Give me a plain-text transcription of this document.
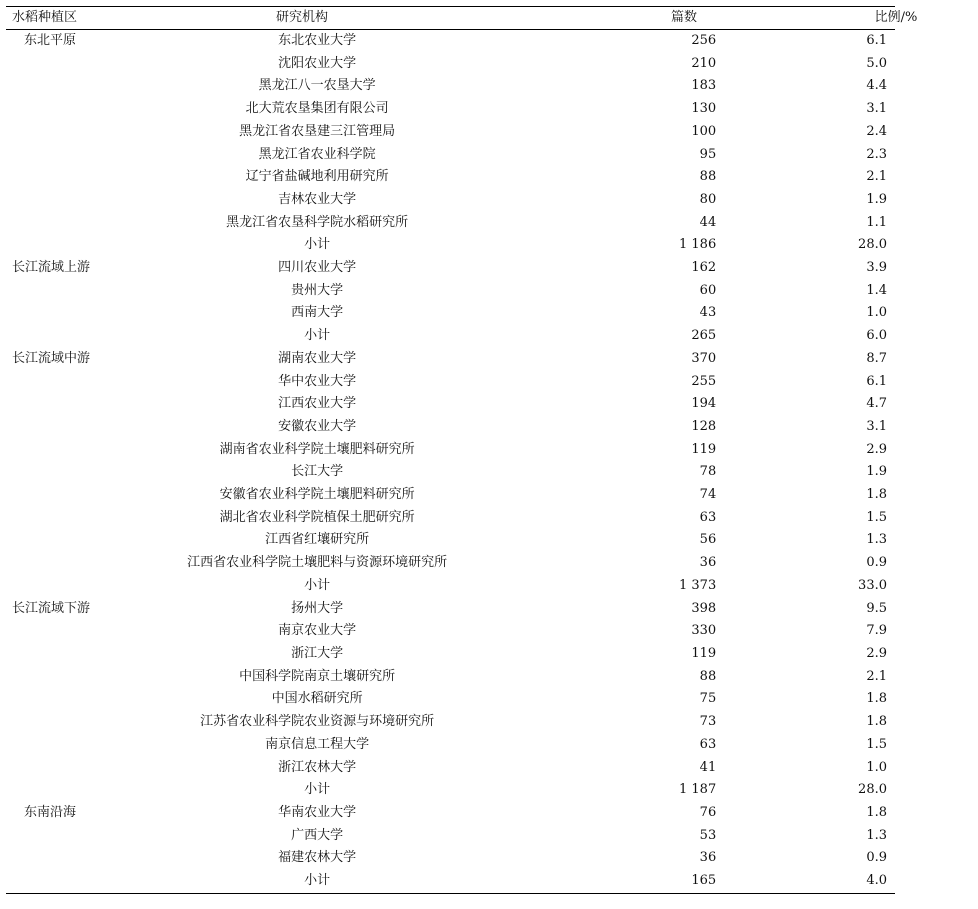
水稻种植区	研究机构	篇数	比例/%
东北平原	东北农业大学	256	6.1
	沈阳农业大学	210	5.0
	黑龙江八一农垦大学	183	4.4
	北大荒农垦集团有限公司	130	3.1
	黑龙江省农垦建三江管理局	100	2.4
	黑龙江省农业科学院	95	2.3
	辽宁省盐碱地利用研究所	88	2.1
	吉林农业大学	80	1.9
	黑龙江省农垦科学院水稻研究所	44	1.1
	小计	1 186	28.0
长江流域上游	四川农业大学	162	3.9
	贵州大学	60	1.4
	西南大学	43	1.0
	小计	265	6.0
长江流域中游	湖南农业大学	370	8.7
	华中农业大学	255	6.1
	江西农业大学	194	4.7
	安徽农业大学	128	3.1
	湖南省农业科学院土壤肥料研究所	119	2.9
	长江大学	78	1.9
	安徽省农业科学院土壤肥料研究所	74	1.8
	湖北省农业科学院植保土肥研究所	63	1.5
	江西省红壤研究所	56	1.3
	江西省农业科学院土壤肥料与资源环境研究所	36	0.9
	小计	1 373	33.0
长江流域下游	扬州大学	398	9.5
	南京农业大学	330	7.9
	浙江大学	119	2.9
	中国科学院南京土壤研究所	88	2.1
	中国水稻研究所	75	1.8
	江苏省农业科学院农业资源与环境研究所	73	1.8
	南京信息工程大学	63	1.5
	浙江农林大学	41	1.0
	小计	1 187	28.0
东南沿海	华南农业大学	76	1.8
	广西大学	53	1.3
	福建农林大学	36	0.9
	小计	165	4.0
